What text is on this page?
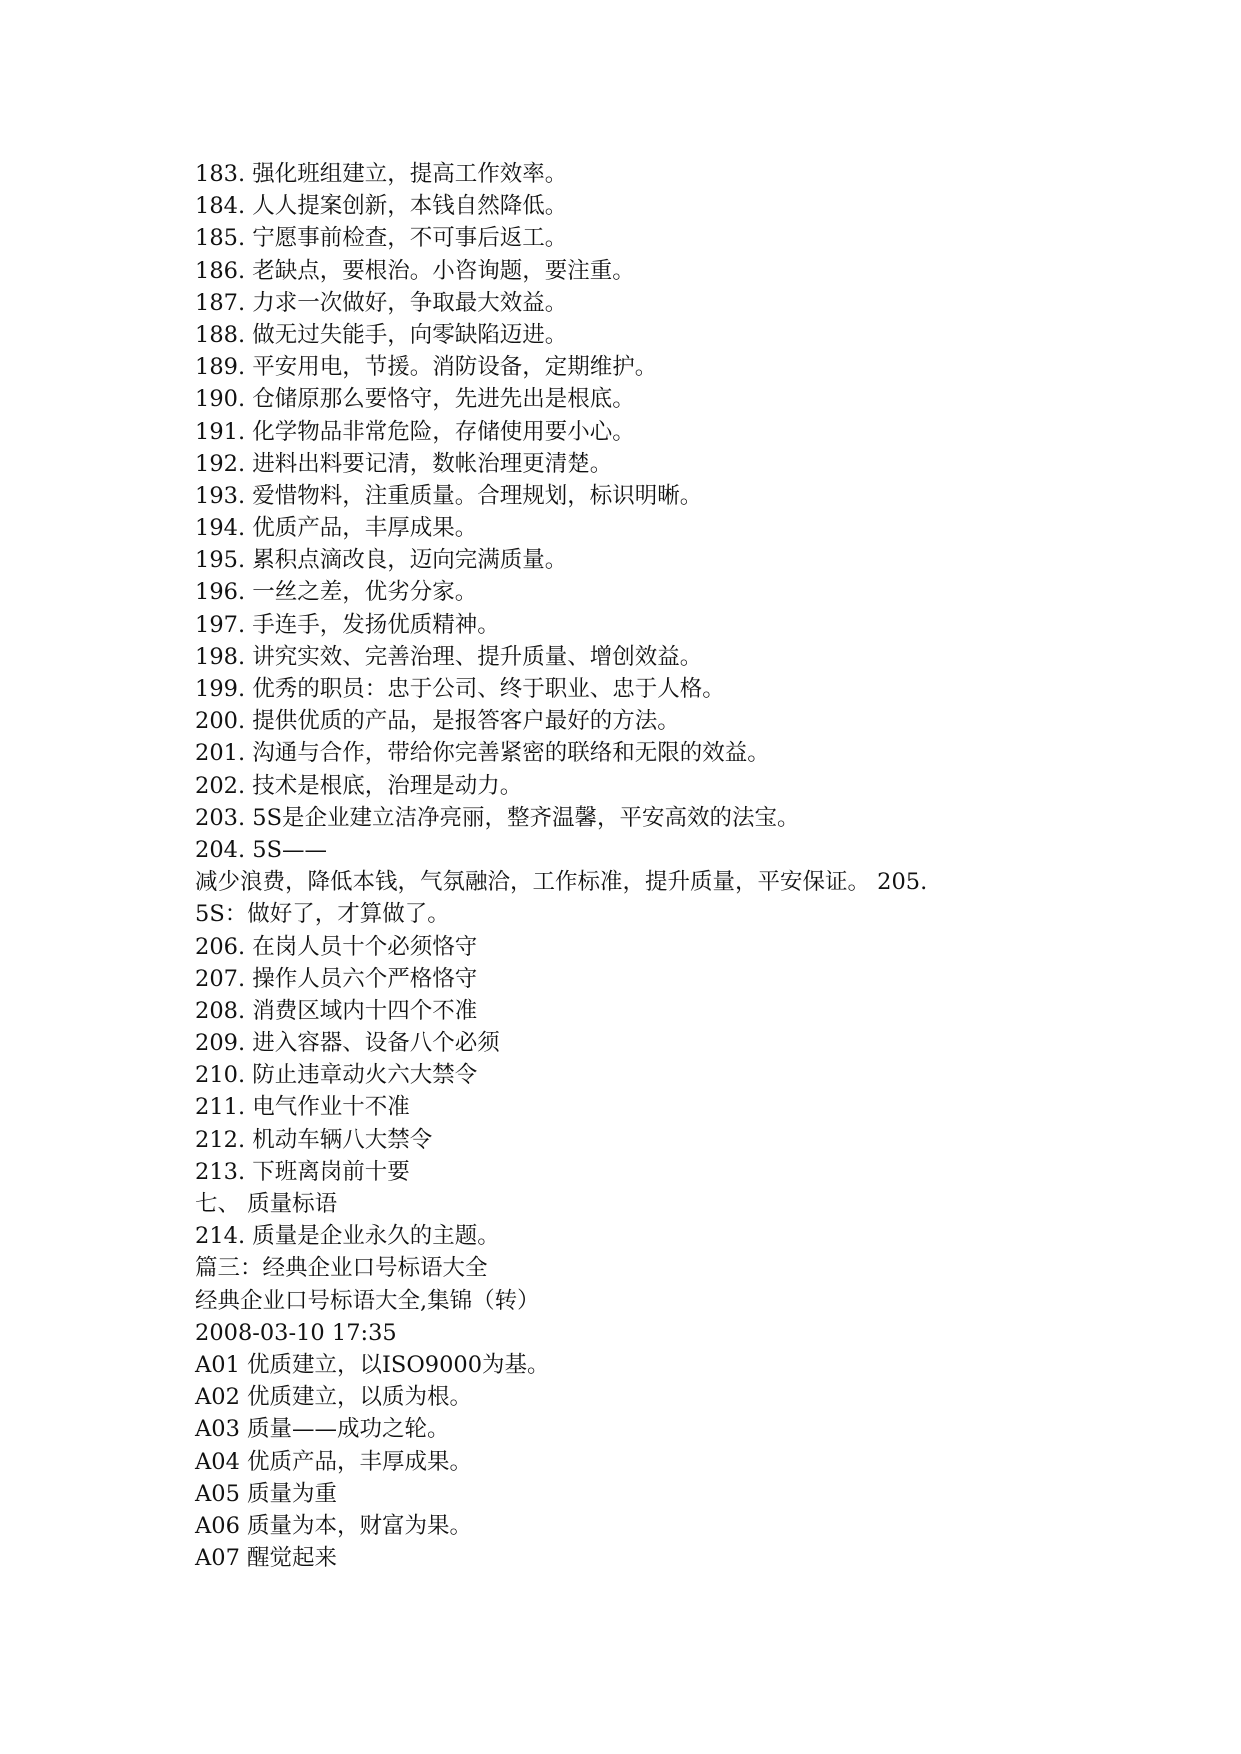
183. 强化班组建立，提高工作效率。
184. 人人提案创新，本钱自然降低。
185. 宁愿事前检查，不可事后返工。
186. 老缺点，要根治。小咨询题，要注重。
187. 力求一次做好，争取最大效益。
188. 做无过失能手，向零缺陷迈进。
189. 平安用电，节援。消防设备，定期维护。
190. 仓储原那么要恪守，先进先出是根底。
191. 化学物品非常危险，存储使用要小心。
192. 进料出料要记清，数帐治理更清楚。
193. 爱惜物料，注重质量。合理规划，标识明晰。
194. 优质产品，丰厚成果。
195. 累积点滴改良，迈向完满质量。
196. 一丝之差，优劣分家。
197. 手连手，发扬优质精神。
198. 讲究实效、完善治理、提升质量、增创效益。
199. 优秀的职员：忠于公司、终于职业、忠于人格。
200. 提供优质的产品，是报答客户最好的方法。
201. 沟通与合作，带给你完善紧密的联络和无限的效益。
202. 技术是根底，治理是动力。
203. 5S是企业建立洁净亮丽，整齐温馨，平安高效的法宝。
204. 5S——
减少浪费，降低本钱，气氛融洽，工作标准，提升质量，平安保证。 205.
5S：做好了，才算做了。
206. 在岗人员十个必须恪守
207. 操作人员六个严格恪守
208. 消费区域内十四个不准
209. 进入容器、设备八个必须
210. 防止违章动火六大禁令
211. 电气作业十不准
212. 机动车辆八大禁令
213. 下班离岗前十要
七、 质量标语
214. 质量是企业永久的主题。
篇三：经典企业口号标语大全
经典企业口号标语大全,集锦（转）
2008-03-10 17:35
A01 优质建立，以ISO9000为基。
A02 优质建立，以质为根。
A03 质量——成功之轮。
A04 优质产品，丰厚成果。
A05 质量为重
A06 质量为本，财富为果。
A07 醒觉起来
